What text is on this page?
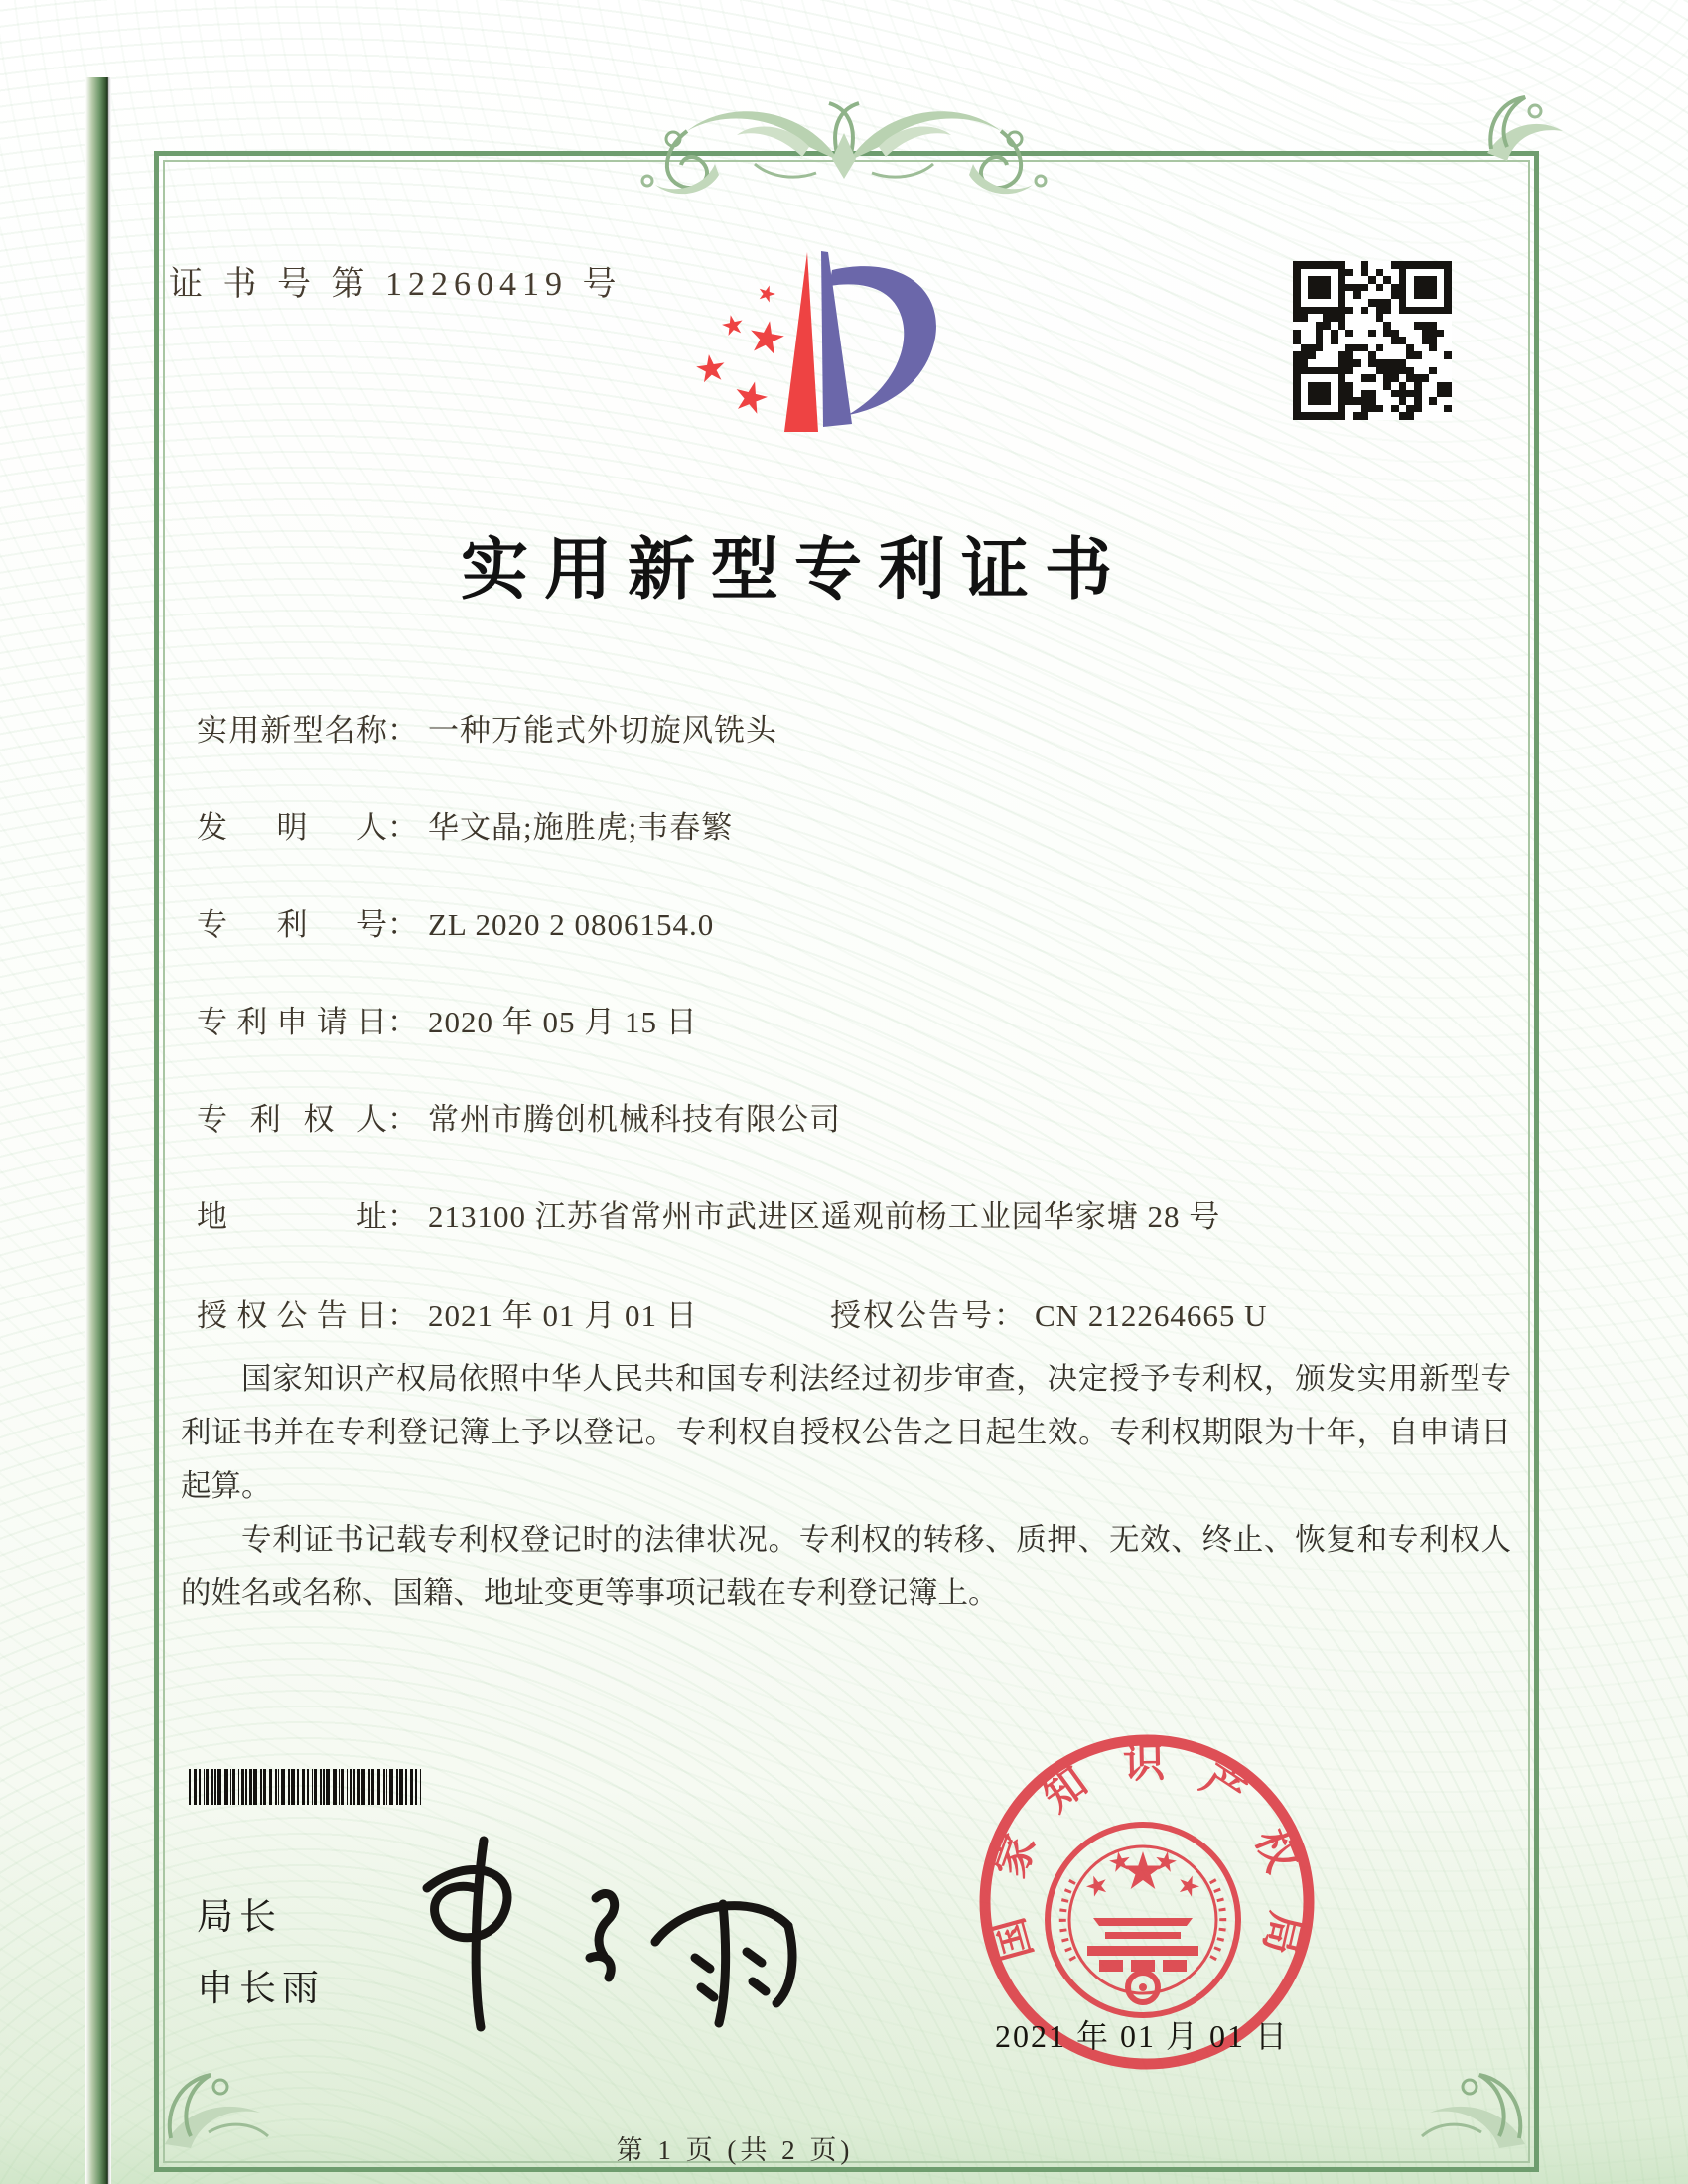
证 书 号 第 12260419 号
实用新型专利证书
实用新型名称： 一种万能式外切旋风铣头
发明人： 华文晶;施胜虎;韦春繁
专利号： ZL 2020 2 0806154.0
专利申请日： 2020 年 05 月 15 日
专利权人： 常州市腾创机械科技有限公司
地址： 213100 江苏省常州市武进区遥观前杨工业园华家塘 28 号
授权公告日： 2021 年 01 月 01 日	授权公告号： CN 212264665 U

国家知识产权局依照中华人民共和国专利法经过初步审查，决定授予专利权，颁发实用新型专利证书并在专利登记簿上予以登记。专利权自授权公告之日起生效。专利权期限为十年，自申请日起算。

专利证书记载专利权登记时的法律状况。专利权的转移、质押、无效、终止、恢复和专利权人的姓名或名称、国籍、地址变更等事项记载在专利登记簿上。

局长
申长雨
国家知识产权局
2021 年 01 月 01 日
第 1 页 (共 2 页)
